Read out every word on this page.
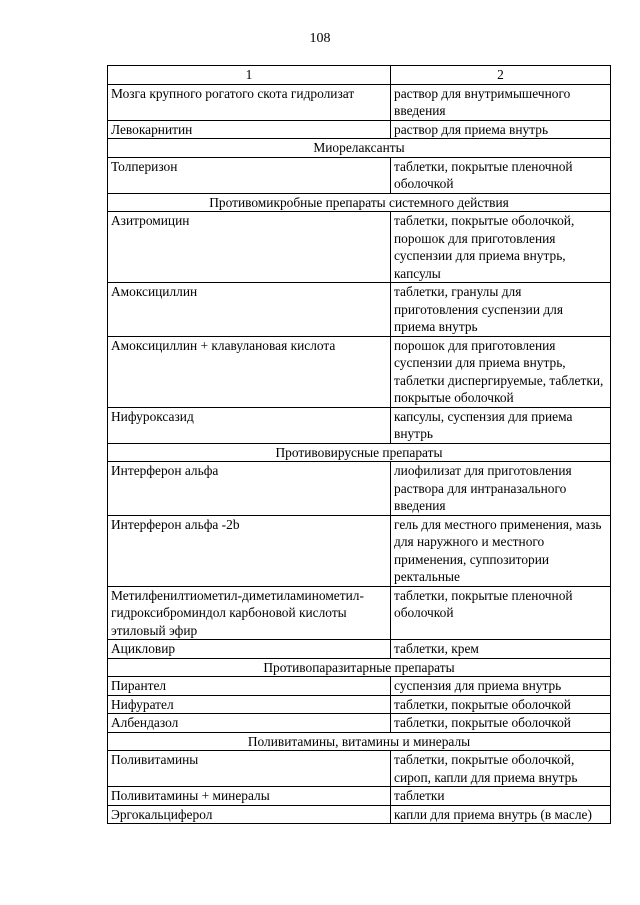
108
1	2
Мозга крупного рогатого скота гидролизат	раствор для внутримышечного введения
Левокарнитин	раствор для приема внутрь
Миорелаксанты	
Толперизон	таблетки, покрытые пленочной оболочкой
Противомикробные препараты системного действия	
Азитромицин	таблетки, покрытые оболочкой, порошок для приготовления суспензии для приема внутрь, капсулы
Амоксициллин	таблетки, гранулы для приготовления суспензии для приема внутрь
Амоксициллин + клавулановая кислота	порошок для приготовления суспензии для приема внутрь, таблетки диспергируемые, таблетки, покрытые оболочкой
Нифуроксазид	капсулы, суспензия для приема внутрь
Противовирусные препараты	
Интерферон альфа	лиофилизат для приготовления раствора для интраназального введения
Интерферон альфа -2b	гель для местного применения, мазь для наружного и местного применения, суппозитории ректальные
Метилфенилтиометил-диметиламинометил-гидроксиброминдол карбоновой кислоты этиловый эфир	таблетки, покрытые пленочной оболочкой
Ацикловир	таблетки, крем
Противопаразитарные препараты	
Пирантел	суспензия для приема внутрь
Нифурател	таблетки, покрытые оболочкой
Албендазол	таблетки, покрытые оболочкой
Поливитамины, витамины и минералы	
Поливитамины	таблетки, покрытые оболочкой, сироп, капли для приема внутрь
Поливитамины + минералы	таблетки
Эргокальциферол	капли для приема внутрь (в масле)
